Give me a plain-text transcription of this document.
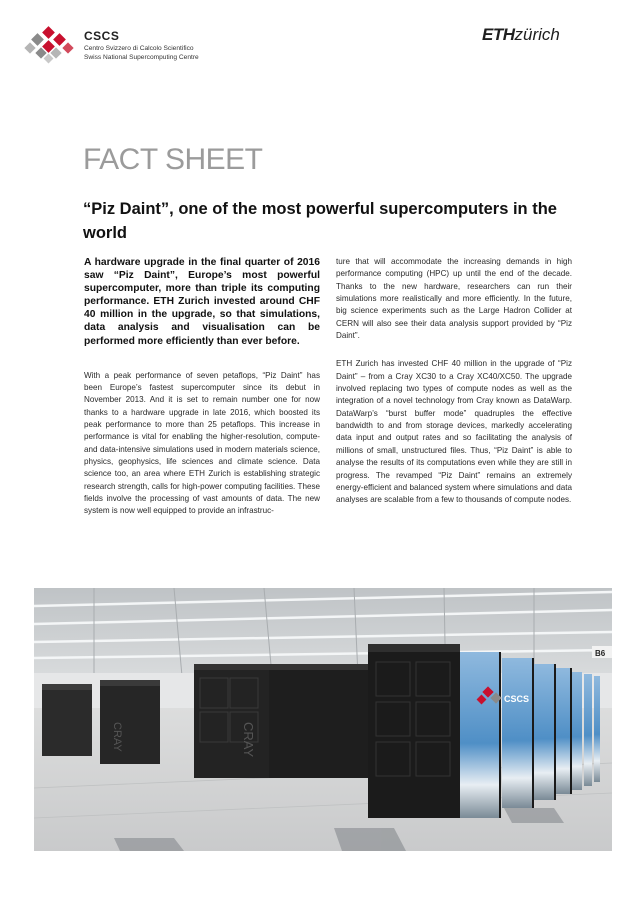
CSCS
Centro Svizzero di Calcolo Scientifico
Swiss National Supercomputing Centre
ETHzürich
FACT SHEET
“Piz Daint”, one of the most powerful supercomputers in the world

A hardware upgrade in the final quarter of 2016 saw “Piz Daint”, Europe’s most powerful supercomputer, more than triple its computing performance. ETH Zurich invested around CHF 40 million in the upgrade, so that simulations, data analysis and visualisation can be performed more efficiently than ever before.

With a peak performance of seven petaflops, “Piz Daint” has been Europe’s fastest supercomputer since its debut in November 2013. And it is set to remain number one for now thanks to a hardware upgrade in late 2016, which boosted its peak performance to more than 25 petaflops. This increase in performance is vital for enabling the higher-resolution, compute- and data-intensive simulations used in modern materials science, physics, geophysics, life sciences and climate science. Data science too, an area where ETH Zurich is establishing strategic research strength, calls for high-power computing facilities. These fields involve the processing of vast amounts of data. The new system is now well equipped to provide an infrastruc-

ture that will accommodate the increasing demands in high performance computing (HPC) up until the end of the decade. Thanks to the new hardware, researchers can run their simulations more realistically and more efficiently. In the future, big science experiments such as the Large Hadron Collider at CERN will also see their data analysis support provided by “Piz Daint”.

ETH Zurich has invested CHF 40 million in the upgrade of “Piz Daint” – from a Cray XC30 to a Cray XC40/XC50. The upgrade involved replacing two types of compute nodes as well as the integration of a novel technology from Cray known as DataWarp. DataWarp’s “burst buffer mode” quadruples the effective bandwidth to and from storage devices, markedly accelerating data input and output rates and so facilitating the analysis of millions of small, unstructured files. Thus, “Piz Daint” is able to analyse the results of its computations even while they are still in progress. The revamped “Piz Daint” remains an extremely energy-efficient and balanced system where simulations and data analyses are scalable from a few to thousands of compute nodes.

CRAY	CRAY
CSCS
B6
